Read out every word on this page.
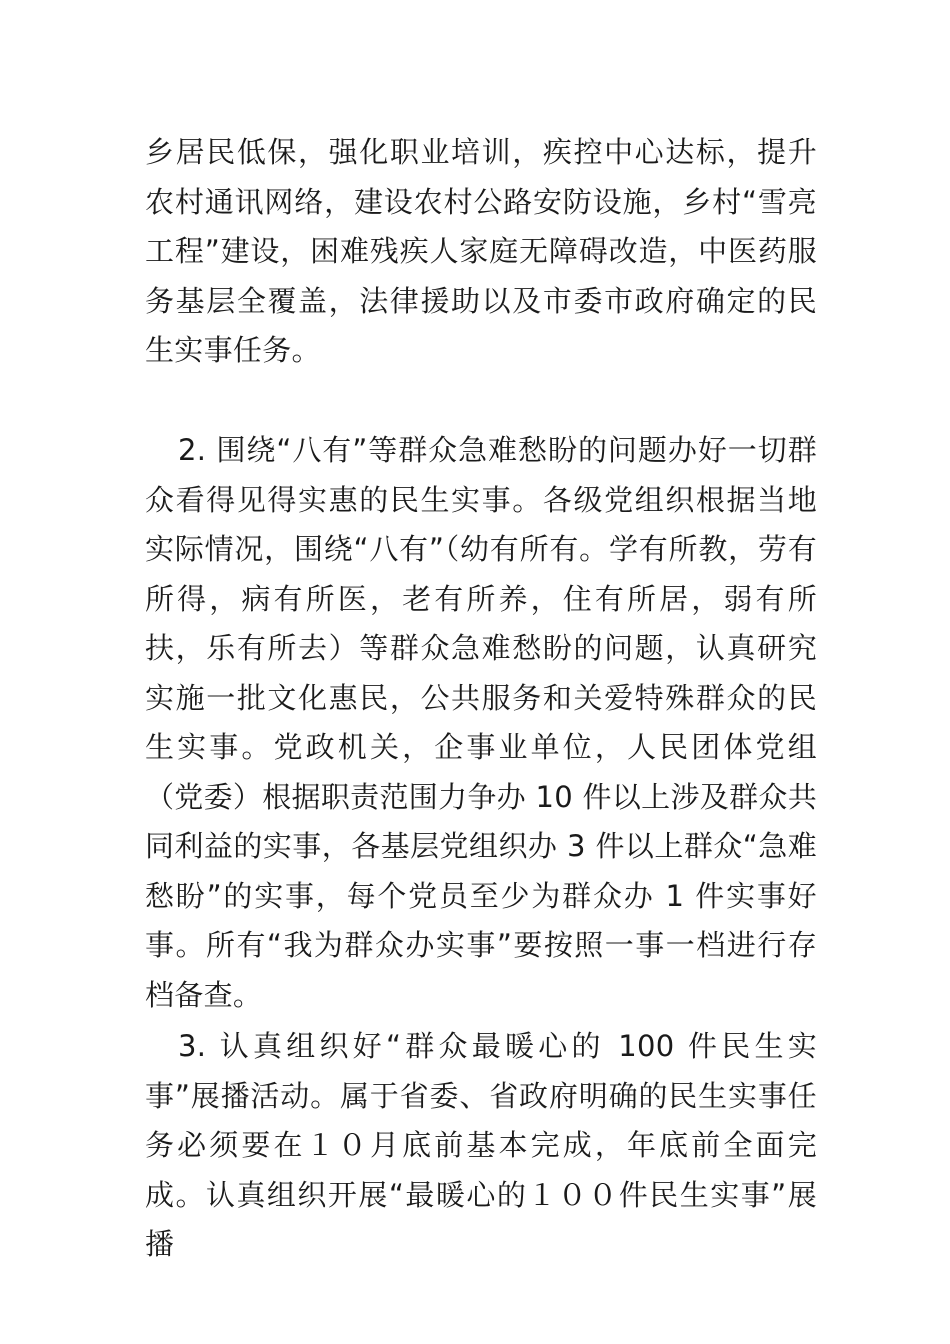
乡居民低保，强化职业培训，疾控中心达标，提升农村通讯网络，建设农村公路安防设施，乡村“雪亮工程”建设，困难残疾人家庭无障碍改造，中医药服务基层全覆盖，法律援助以及市委市政府确定的民生实事任务。

2. 围绕“八有”等群众急难愁盼的问题办好一切群众看得见得实惠的民生实事。各级党组织根据当地实际情况，围绕“八有”（幼有所有。学有所教，劳有所得，病有所医，老有所养，住有所居，弱有所扶，乐有所去）等群众急难愁盼的问题，认真研究实施一批文化惠民，公共服务和关爱特殊群众的民生实事。党政机关，企事业单位，人民团体党组（党委）根据职责范围力争办 10 件以上涉及群众共同利益的实事，各基层党组织办 3 件以上群众“急难愁盼”的实事，每个党员至少为群众办 1 件实事好事。所有“我为群众办实事”要按照一事一档进行存档备查。

3. 认真组织好“群众最暖心的 100 件民生实事”展播活动。属于省委、省政府明确的民生实事任务必须要在１０月底前基本完成，年底前全面完成。认真组织开展“最暖心的１００件民生实事”展播
